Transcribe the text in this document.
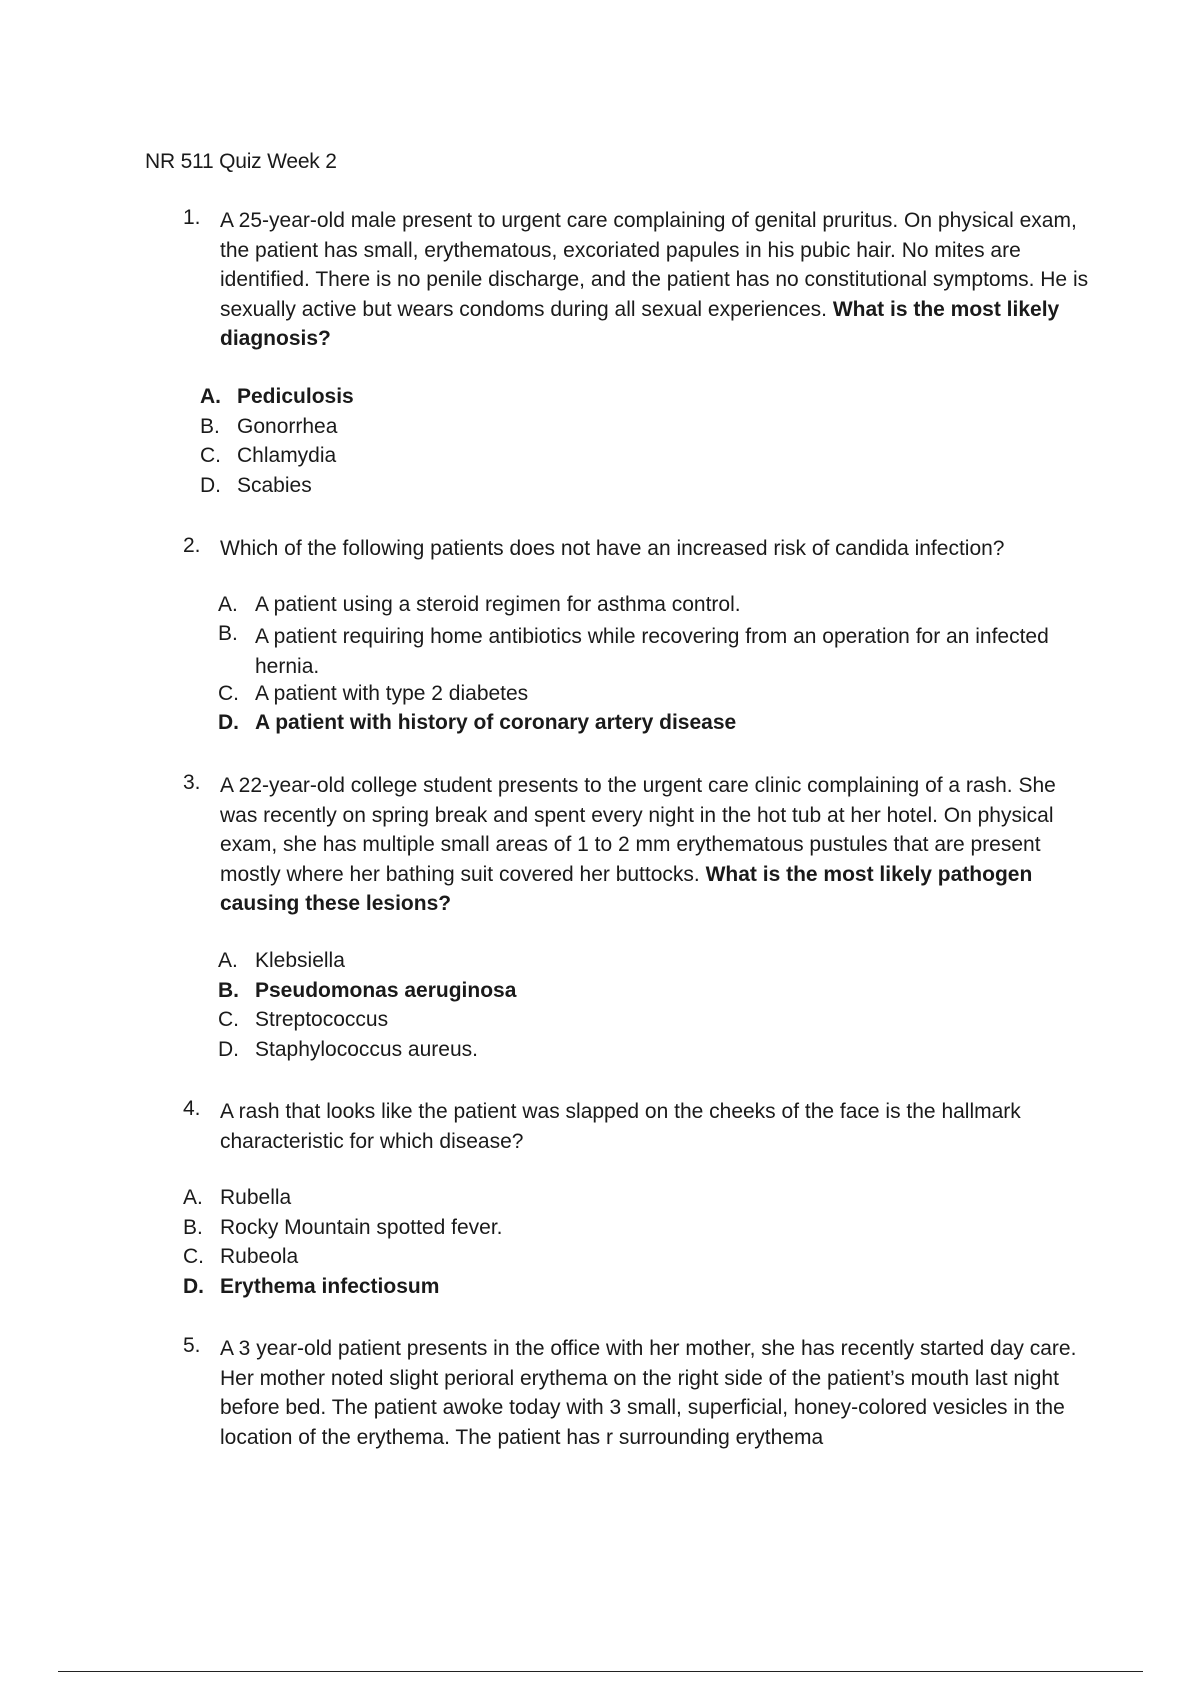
NR 511 Quiz Week 2
1. A 25-year-old male present to urgent care complaining of genital pruritus. On physical exam, the patient has small, erythematous, excoriated papules in his pubic hair. No mites are identified. There is no penile discharge, and the patient has no constitutional symptoms. He is sexually active but wears condoms during all sexual experiences. What is the most likely diagnosis?
A. Pediculosis
B. Gonorrhea
C. Chlamydia
D. Scabies
2. Which of the following patients does not have an increased risk of candida infection?
A. A patient using a steroid regimen for asthma control.
B. A patient requiring home antibiotics while recovering from an operation for an infected hernia.
C. A patient with type 2 diabetes
D. A patient with history of coronary artery disease
3. A 22-year-old college student presents to the urgent care clinic complaining of a rash. She was recently on spring break and spent every night in the hot tub at her hotel. On physical exam, she has multiple small areas of 1 to 2 mm erythematous pustules that are present mostly where her bathing suit covered her buttocks. What is the most likely pathogen causing these lesions?
A. Klebsiella
B. Pseudomonas aeruginosa
C. Streptococcus
D. Staphylococcus aureus.
4. A rash that looks like the patient was slapped on the cheeks of the face is the hallmark characteristic for which disease?
A. Rubella
B. Rocky Mountain spotted fever.
C. Rubeola
D. Erythema infectiosum
5. A 3 year-old patient presents in the office with her mother, she has recently started day care. Her mother noted slight perioral erythema on the right side of the patient’s mouth last night before bed. The patient awoke today with 3 small, superficial, honey-colored vesicles in the location of the erythema. The patient has r surrounding erythema
